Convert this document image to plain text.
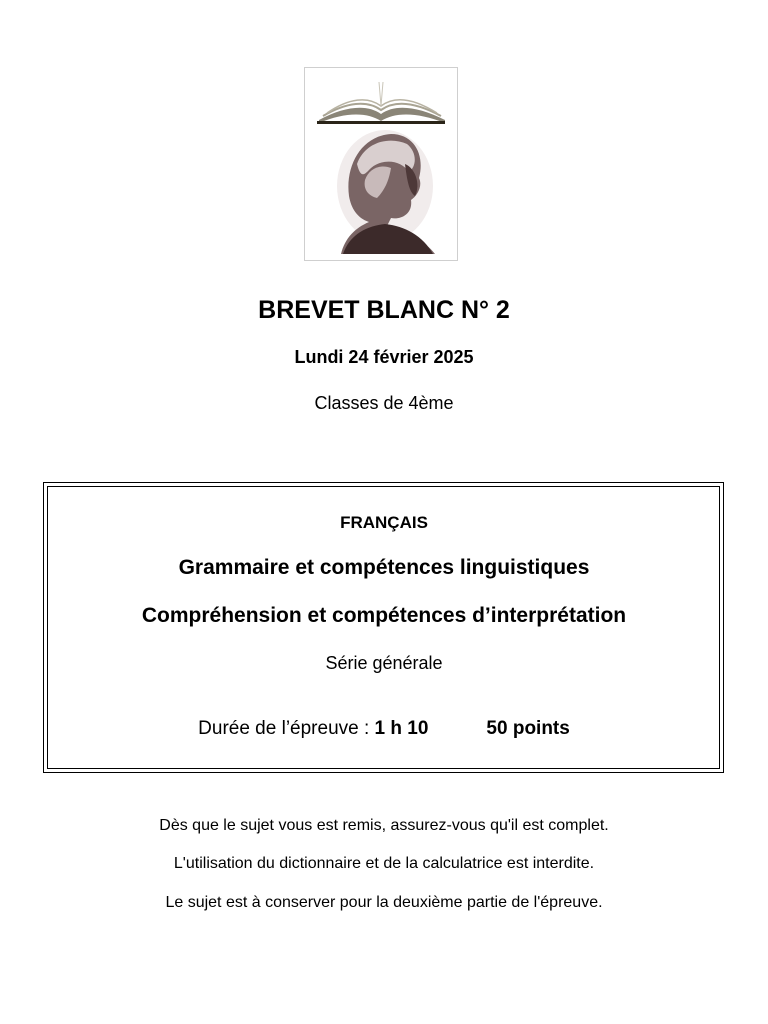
BREVET BLANC N° 2
Lundi 24 février 2025
Classes de 4ème
FRANÇAIS
Grammaire et compétences linguistiques
Compréhension et compétences d’interprétation
Série générale
Durée de l’épreuve : 1 h 10	50 points
Dès que le sujet vous est remis, assurez-vous qu'il est complet.
L'utilisation du dictionnaire et de la calculatrice est interdite.
Le sujet est à conserver pour la deuxième partie de l'épreuve.
